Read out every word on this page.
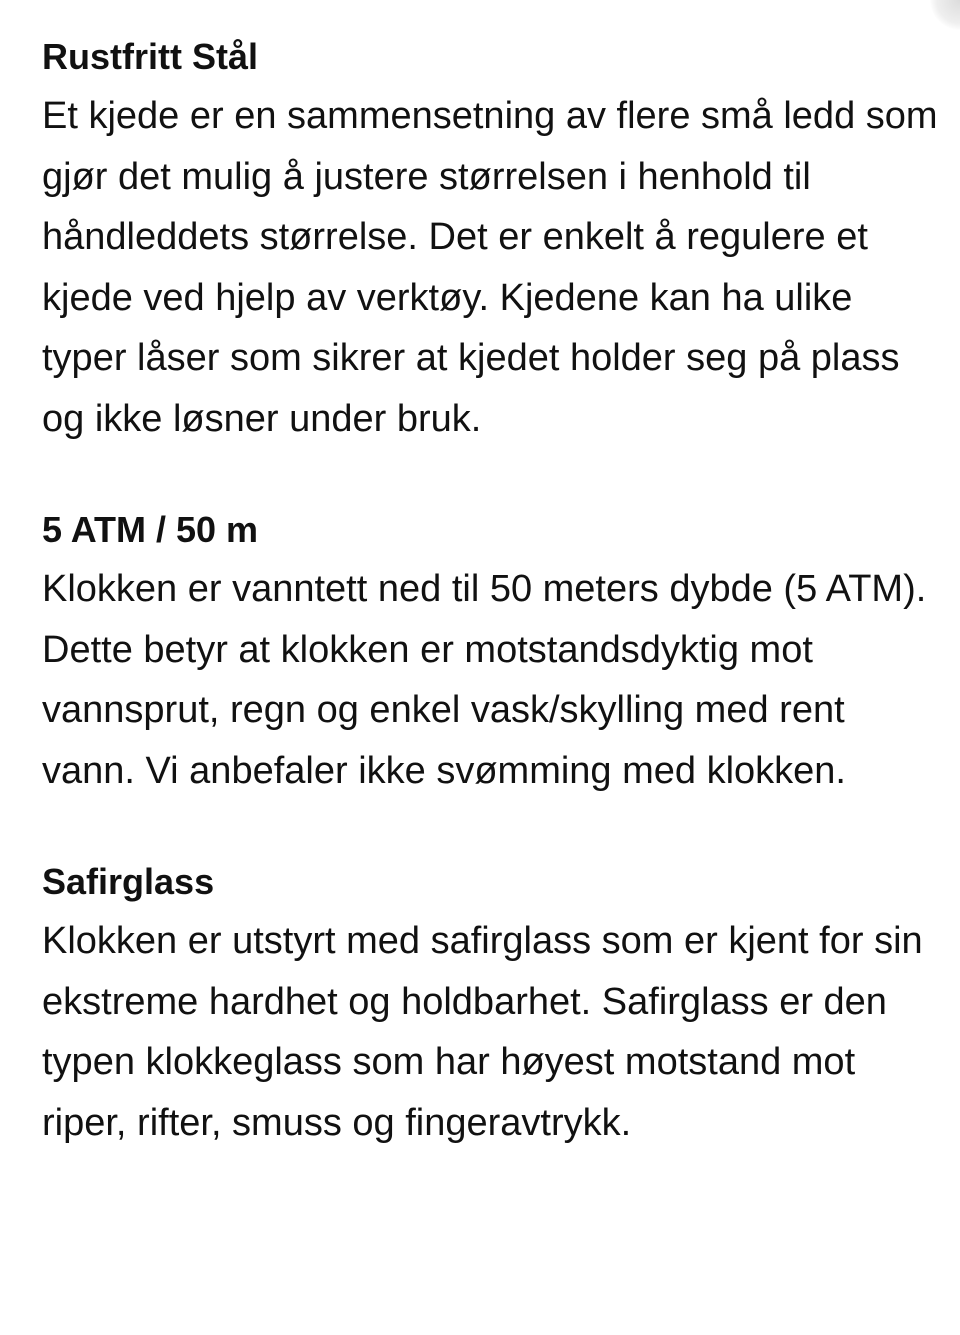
Rustfritt Stål

Et kjede er en sammensetning av flere små ledd som gjør det mulig å justere størrelsen i henhold til håndleddets størrelse. Det er enkelt å regulere et kjede ved hjelp av verktøy. Kjedene kan ha ulike typer låser som sikrer at kjedet holder seg på plass og ikke løsner under bruk.

5 ATM / 50 m

Klokken er vanntett ned til 50 meters dybde (5 ATM). Dette betyr at klokken er motstandsdyktig mot vannsprut, regn og enkel vask/skylling med rent vann. Vi anbefaler ikke svømming med klokken.

Safirglass

Klokken er utstyrt med safirglass som er kjent for sin ekstreme hardhet og holdbarhet. Safirglass er den typen klokkeglass som har høyest motstand mot riper, rifter, smuss og fingeravtrykk.
